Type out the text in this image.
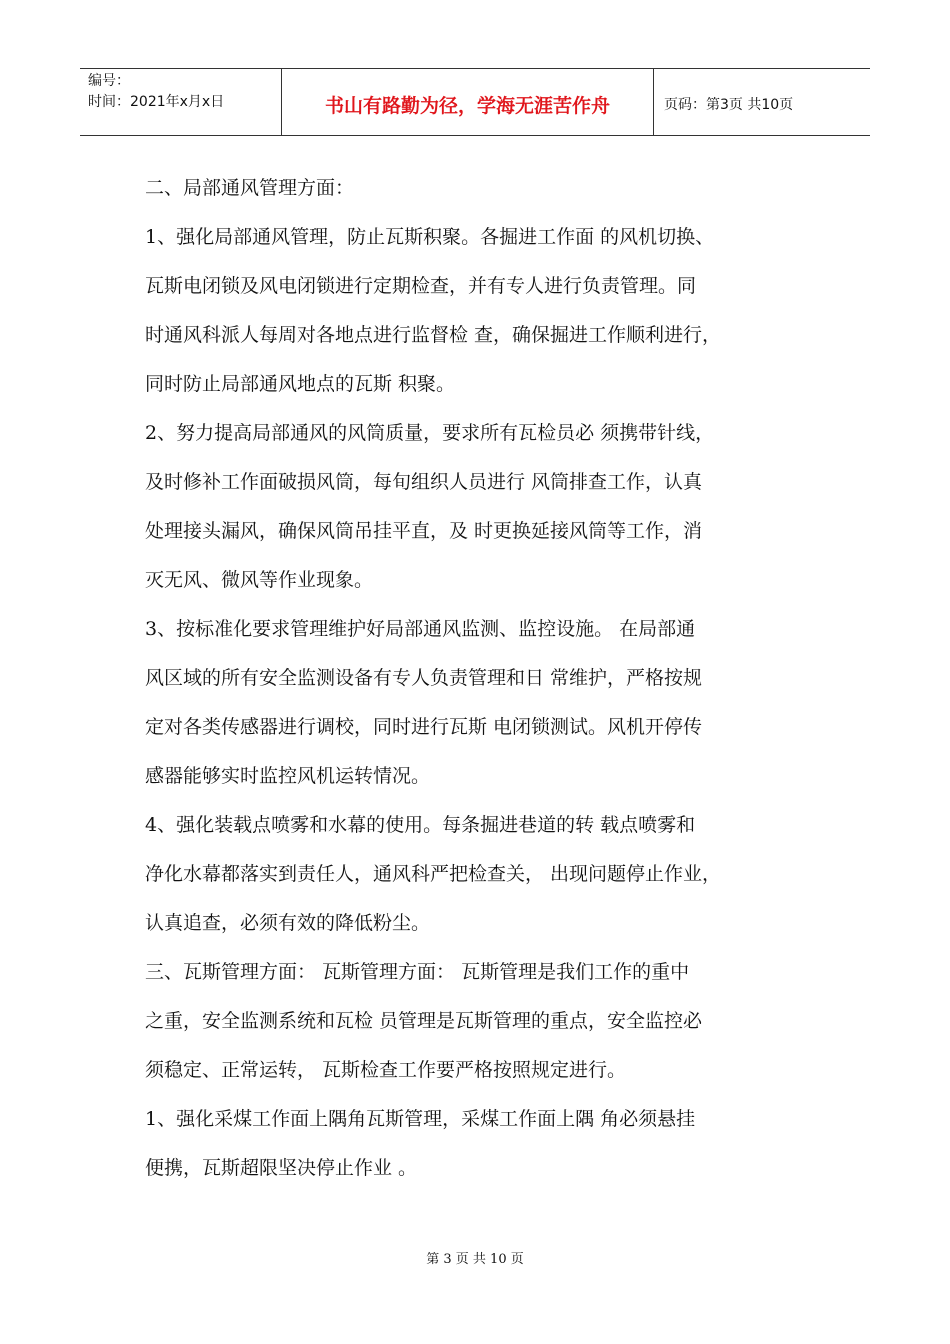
编号：
时间：2021年x月x日	书山有路勤为径，学海无涯苦作舟	页码：第3页 共10页

二、局部通风管理方面：

1、强化局部通风管理，防止瓦斯积聚。各掘进工作面 的风机切换、
瓦斯电闭锁及风电闭锁进行定期检查，并有专人进行负责管理。同
时通风科派人每周对各地点进行监督检 查，确保掘进工作顺利进行，
同时防止局部通风地点的瓦斯 积聚。

2、努力提高局部通风的风筒质量，要求所有瓦检员必 须携带针线，
及时修补工作面破损风筒，每旬组织人员进行 风筒排查工作，认真
处理接头漏风，确保风筒吊挂平直，及 时更换延接风筒等工作，消
灭无风、微风等作业现象。

3、按标准化要求管理维护好局部通风监测、监控设施。 在局部通
风区域的所有安全监测设备有专人负责管理和日 常维护，严格按规
定对各类传感器进行调校，同时进行瓦斯 电闭锁测试。风机开停传
感器能够实时监控风机运转情况。

4、强化装载点喷雾和水幕的使用。每条掘进巷道的转 载点喷雾和
净化水幕都落实到责任人，通风科严把检查关， 出现问题停止作业，
认真追查，必须有效的降低粉尘。

三、瓦斯管理方面： 瓦斯管理方面： 瓦斯管理是我们工作的重中
之重，安全监测系统和瓦检 员管理是瓦斯管理的重点，安全监控必
须稳定、正常运转， 瓦斯检查工作要严格按照规定进行。

1、强化采煤工作面上隅角瓦斯管理，采煤工作面上隅 角必须悬挂
便携，瓦斯超限坚决停止作业 。

第 3 页 共 10 页
